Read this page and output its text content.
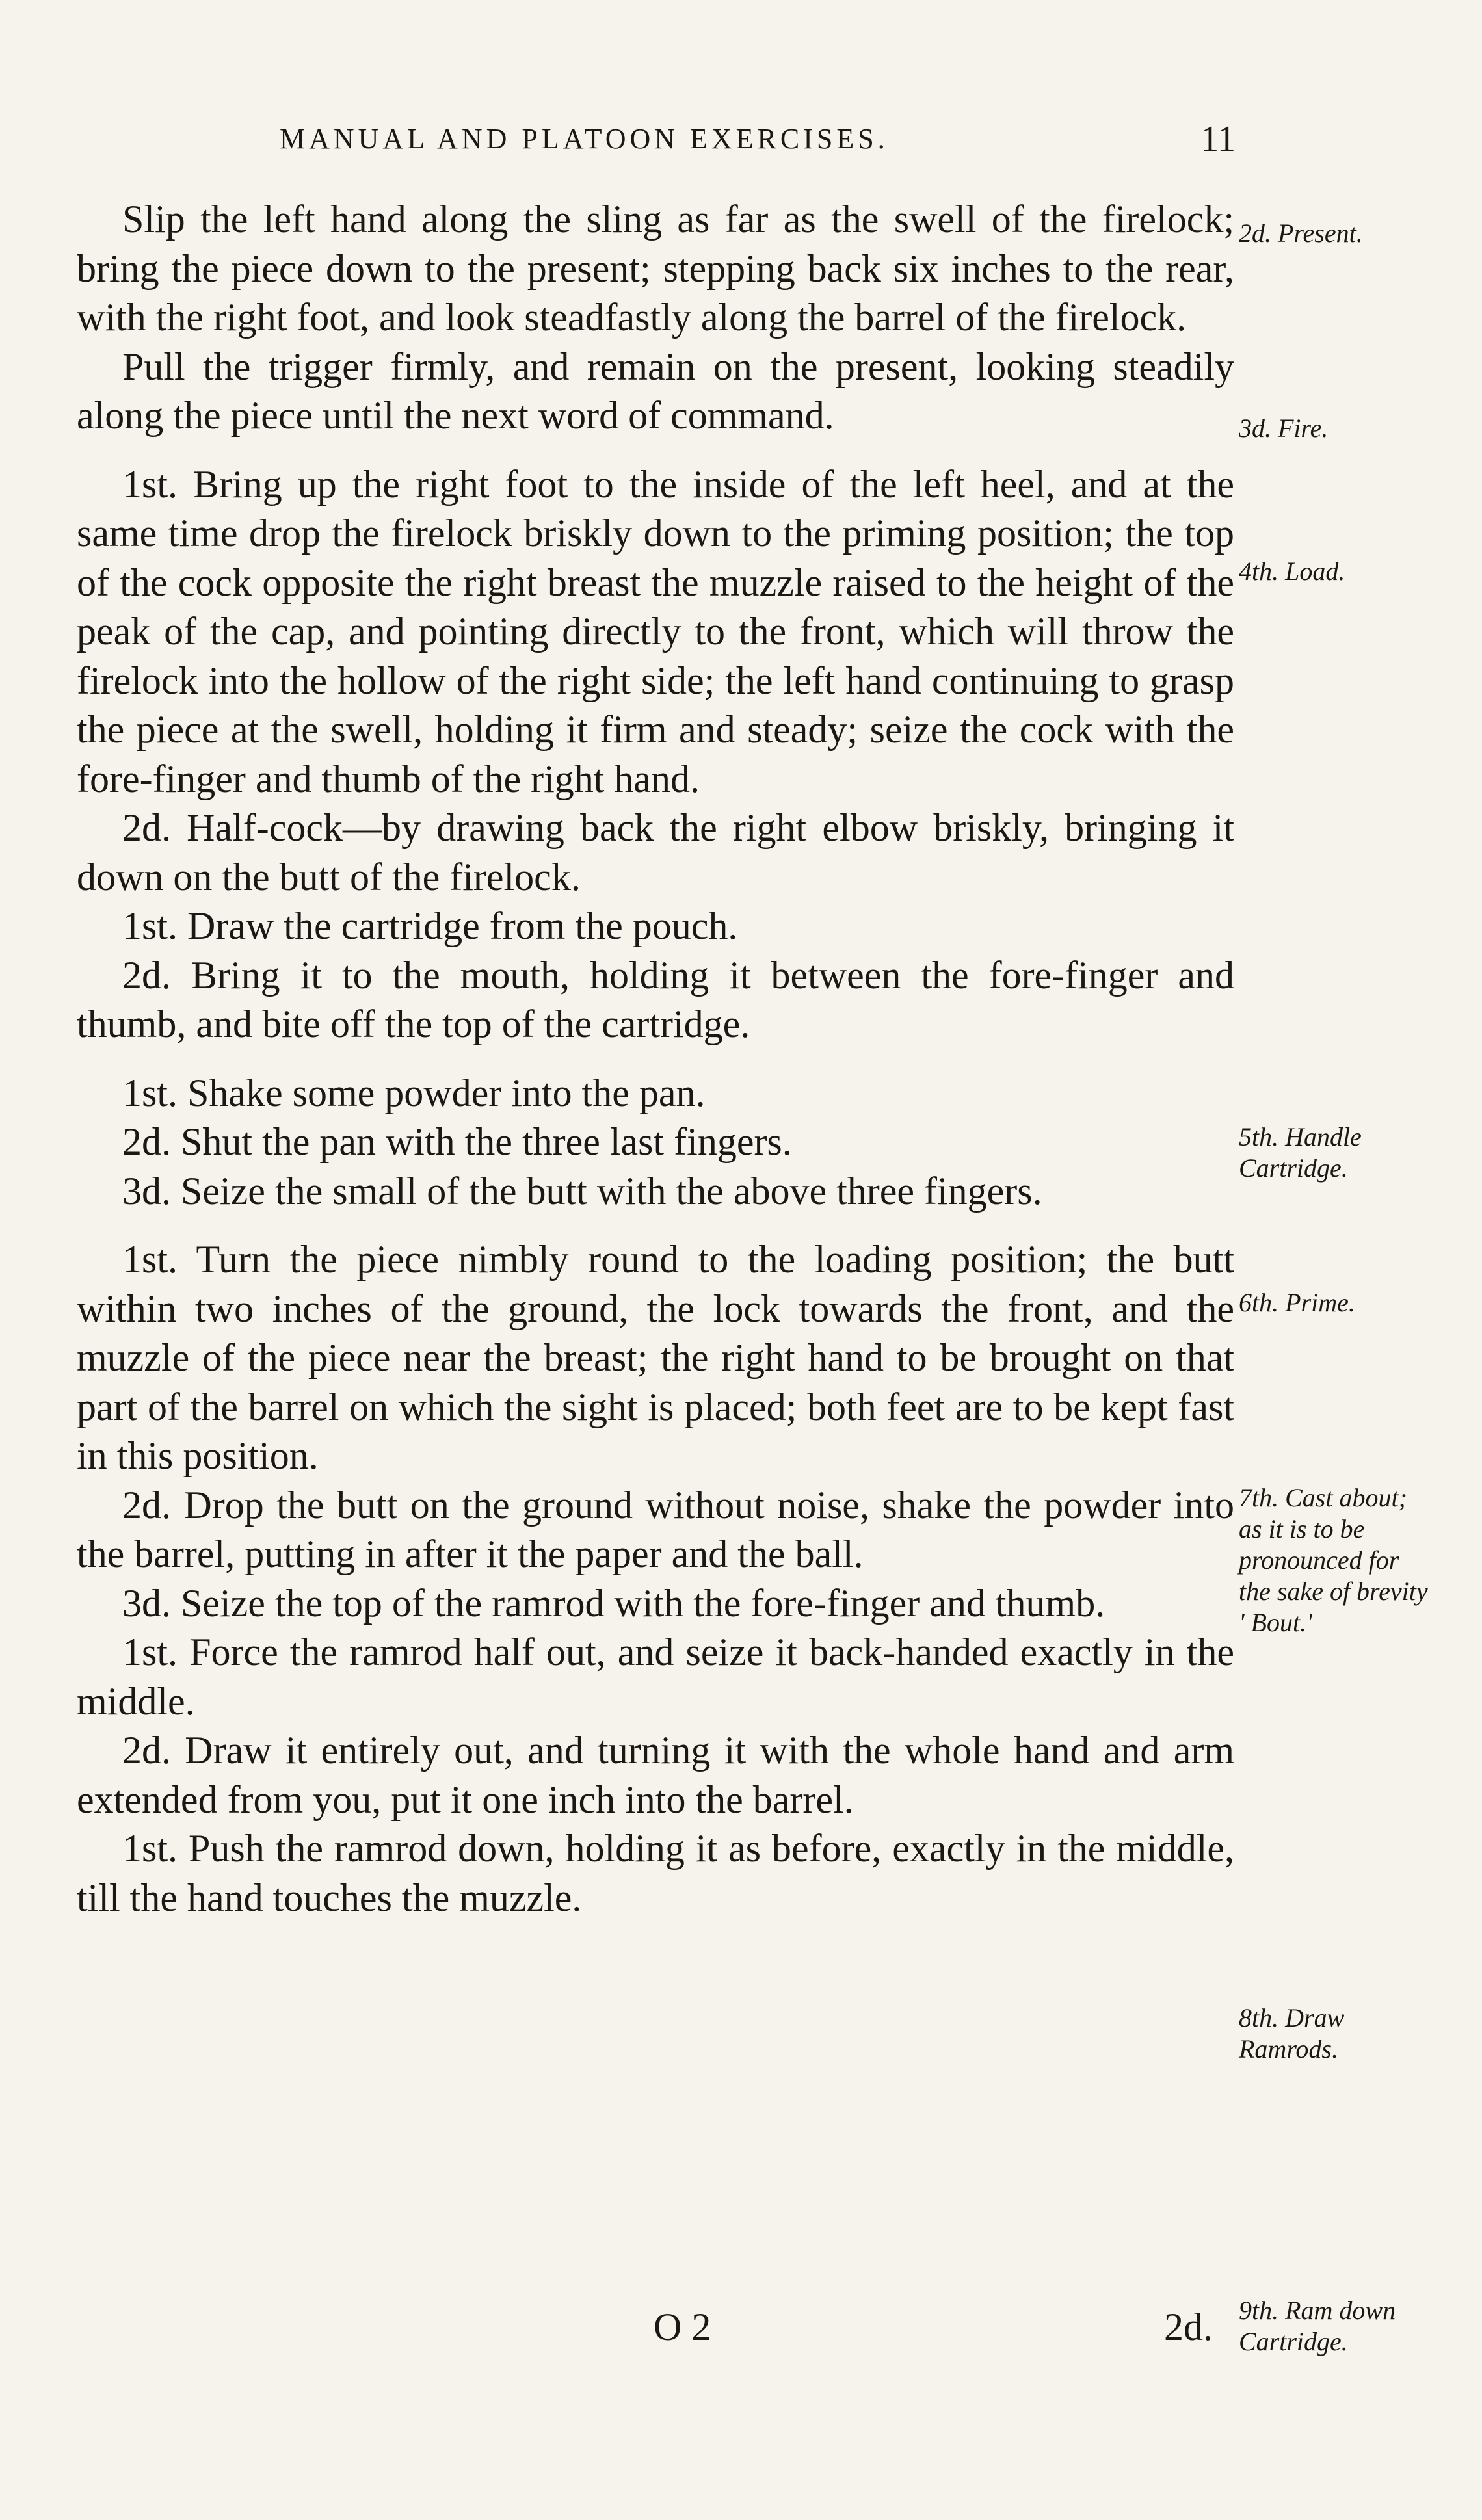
MANUAL AND PLATOON EXERCISES.	11

Slip the left hand along the sling as far as the swell of the firelock; bring the piece down to the present; stepping back six inches to the rear, with the right foot, and look steadfastly along the barrel of the firelock.

Pull the trigger firmly, and remain on the present, looking steadily along the piece until the next word of command.

1st. Bring up the right foot to the inside of the left heel, and at the same time drop the firelock briskly down to the priming position; the top of the cock opposite the right breast the muzzle raised to the height of the peak of the cap, and pointing directly to the front, which will throw the firelock into the hollow of the right side; the left hand continuing to grasp the piece at the swell, holding it firm and steady; seize the cock with the fore-finger and thumb of the right hand.

2d. Half-cock—by drawing back the right elbow briskly, bringing it down on the butt of the firelock.

1st. Draw the cartridge from the pouch.

2d. Bring it to the mouth, holding it between the fore-finger and thumb, and bite off the top of the cartridge.

1st. Shake some powder into the pan.

2d. Shut the pan with the three last fingers.

3d. Seize the small of the butt with the above three fingers.

1st. Turn the piece nimbly round to the loading position; the butt within two inches of the ground, the lock towards the front, and the muzzle of the piece near the breast; the right hand to be brought on that part of the barrel on which the sight is placed; both feet are to be kept fast in this position.

2d. Drop the butt on the ground without noise, shake the powder into the barrel, putting in after it the paper and the ball.

3d. Seize the top of the ramrod with the fore-finger and thumb.

1st. Force the ramrod half out, and seize it back-handed exactly in the middle.

2d. Draw it entirely out, and turning it with the whole hand and arm extended from you, put it one inch into the barrel.

1st. Push the ramrod down, holding it as before, exactly in the middle, till the hand touches the muzzle.

2d. Present.
3d. Fire.
4th. Load.
5th. Handle Cartridge.
6th. Prime.
7th. Cast about; as it is to be pronounced for the sake of brevity ' Bout.'
8th. Draw Ramrods.
9th. Ram down Cartridge.
O 2	2d.
